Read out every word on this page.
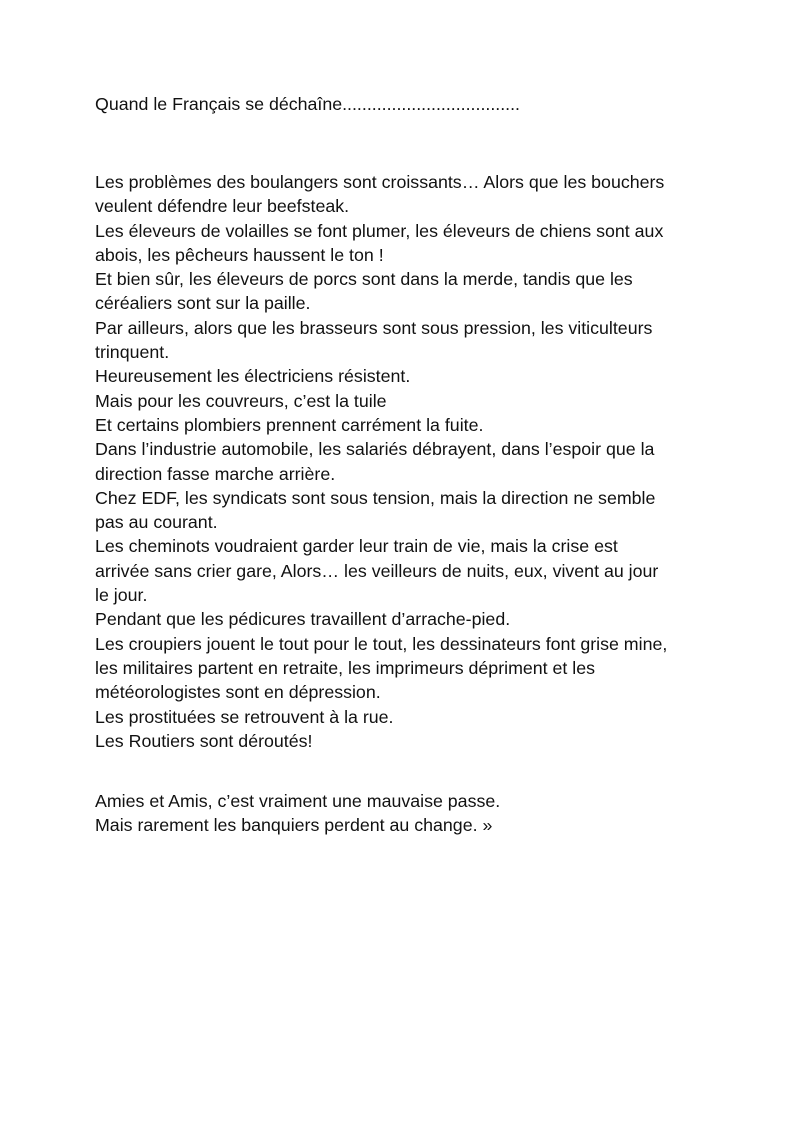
Quand le Français se déchaîne....................................

Les problèmes des boulangers sont croissants… Alors que les bouchers
veulent défendre leur beefsteak.
Les éleveurs de volailles se font plumer, les éleveurs de chiens sont aux
abois, les pêcheurs haussent le ton !
Et bien sûr, les éleveurs de porcs sont dans la merde, tandis que les
céréaliers sont sur la paille.
Par ailleurs, alors que les brasseurs sont sous pression, les viticulteurs
trinquent.
Heureusement les électriciens résistent.
Mais pour les couvreurs, c’est la tuile
Et certains plombiers prennent carrément la fuite.
Dans l’industrie automobile, les salariés débrayent, dans l’espoir que la
direction fasse marche arrière.
Chez EDF, les syndicats sont sous tension, mais la direction ne semble
pas au courant.
Les cheminots voudraient garder leur train de vie, mais la crise est
arrivée sans crier gare, Alors… les veilleurs de nuits, eux, vivent au jour
le jour.
Pendant que les pédicures travaillent d’arrache-pied.
Les croupiers jouent le tout pour le tout, les dessinateurs font grise mine,
les militaires partent en retraite, les imprimeurs dépriment et les
météorologistes sont en dépression.
Les prostituées se retrouvent à la rue.
Les Routiers sont déroutés!
Amies et Amis, c’est vraiment une mauvaise passe.
Mais rarement les banquiers perdent au change. »
